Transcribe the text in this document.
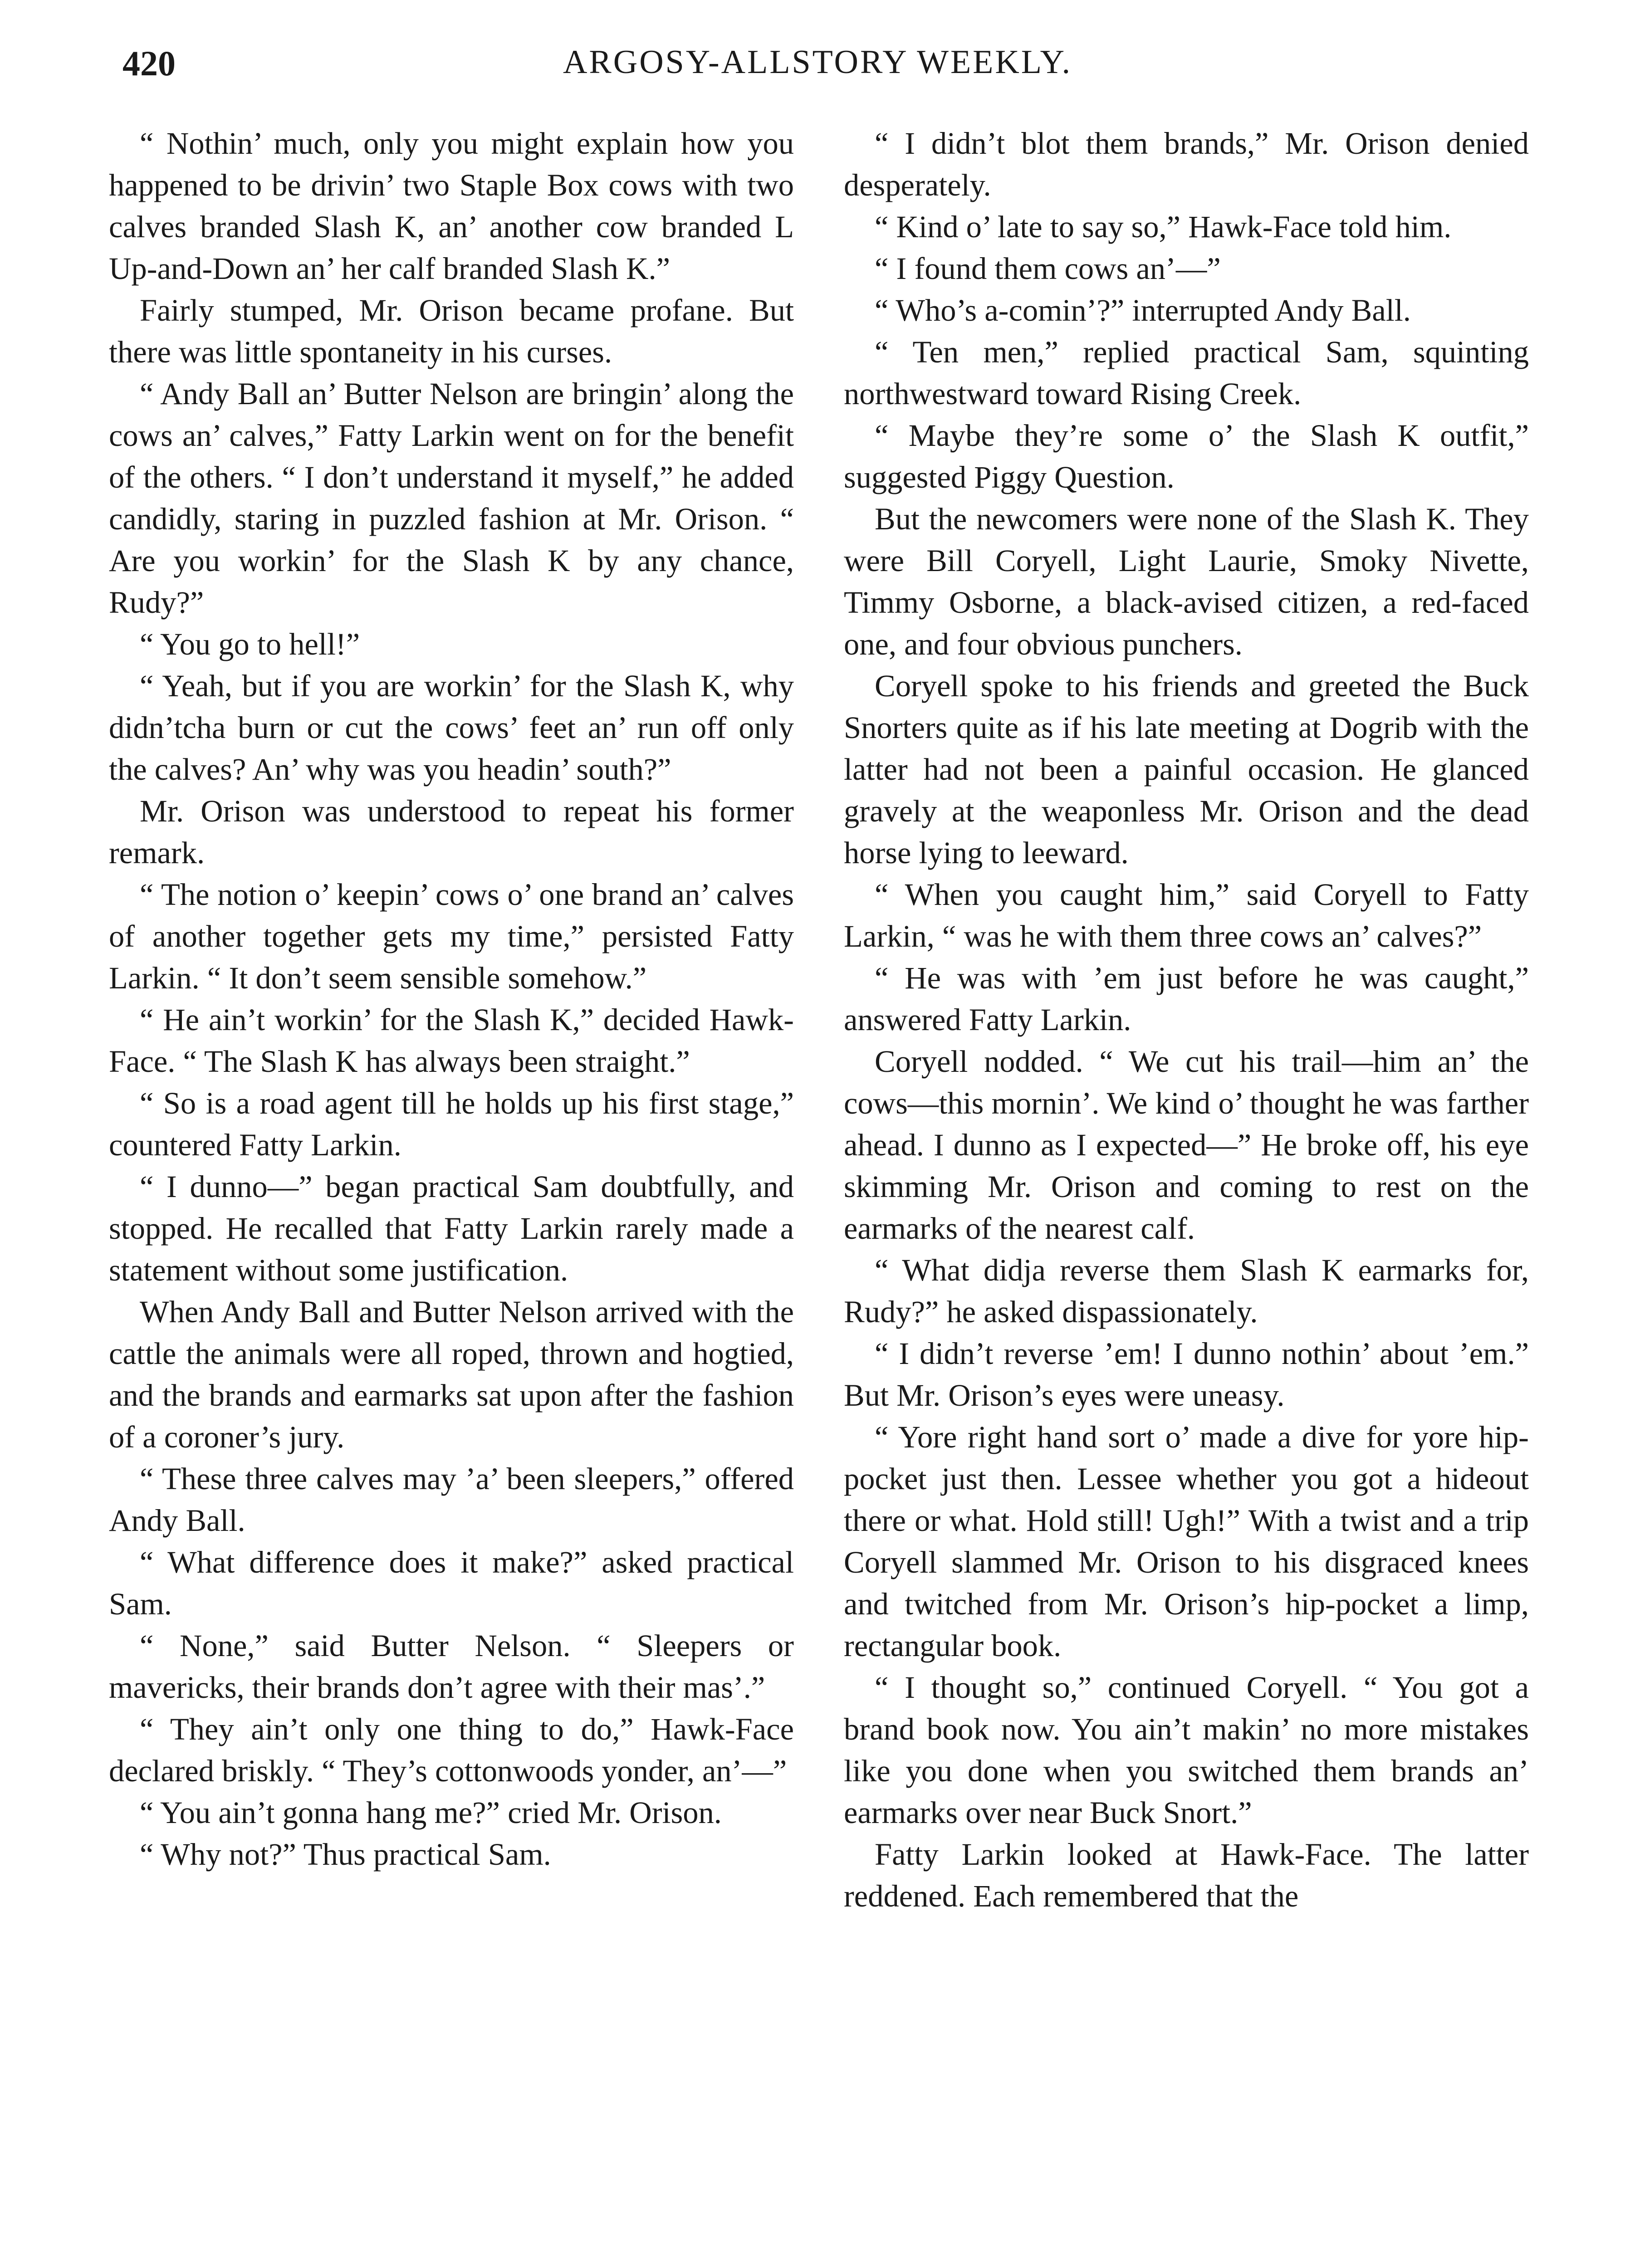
420	ARGOSY-ALLSTORY WEEKLY.

“ Nothin’ much, only you might explain how you happened to be drivin’ two Staple Box cows with two calves branded Slash K, an’ another cow branded L Up-and-Down an’ her calf branded Slash K.”

Fairly stumped, Mr. Orison became profane. But there was little spontaneity in his curses.

“ Andy Ball an’ Butter Nelson are bringin’ along the cows an’ calves,” Fatty Larkin went on for the benefit of the others. “ I don’t understand it myself,” he added candidly, staring in puzzled fashion at Mr. Orison. “ Are you workin’ for the Slash K by any chance, Rudy?”

“ You go to hell!”

“ Yeah, but if you are workin’ for the Slash K, why didn’tcha burn or cut the cows’ feet an’ run off only the calves? An’ why was you headin’ south?”

Mr. Orison was understood to repeat his former remark.

“ The notion o’ keepin’ cows o’ one brand an’ calves of another together gets my time,” persisted Fatty Larkin. “ It don’t seem sensible somehow.”

“ He ain’t workin’ for the Slash K,” decided Hawk-Face. “ The Slash K has always been straight.”

“ So is a road agent till he holds up his first stage,” countered Fatty Larkin.

“ I dunno—” began practical Sam doubtfully, and stopped. He recalled that Fatty Larkin rarely made a statement without some justification.

When Andy Ball and Butter Nelson arrived with the cattle the animals were all roped, thrown and hogtied, and the brands and earmarks sat upon after the fashion of a coroner’s jury.

“ These three calves may ’a’ been sleepers,” offered Andy Ball.

“ What difference does it make?” asked practical Sam.

“ None,” said Butter Nelson. “ Sleepers or mavericks, their brands don’t agree with their mas’.”

“ They ain’t only one thing to do,” Hawk-Face declared briskly. “ They’s cottonwoods yonder, an’—”

“ You ain’t gonna hang me?” cried Mr. Orison.

“ Why not?” Thus practical Sam.

“ I didn’t blot them brands,” Mr. Orison denied desperately.

“ Kind o’ late to say so,” Hawk-Face told him.

“ I found them cows an’—”

“ Who’s a-comin’?” interrupted Andy Ball.

“ Ten men,” replied practical Sam, squinting northwestward toward Rising Creek.

“ Maybe they’re some o’ the Slash K outfit,” suggested Piggy Question.

But the newcomers were none of the Slash K. They were Bill Coryell, Light Laurie, Smoky Nivette, Timmy Osborne, a black-avised citizen, a red-faced one, and four obvious punchers.

Coryell spoke to his friends and greeted the Buck Snorters quite as if his late meeting at Dogrib with the latter had not been a painful occasion. He glanced gravely at the weaponless Mr. Orison and the dead horse lying to leeward.

“ When you caught him,” said Coryell to Fatty Larkin, “ was he with them three cows an’ calves?”

“ He was with ’em just before he was caught,” answered Fatty Larkin.

Coryell nodded. “ We cut his trail—him an’ the cows—this mornin’. We kind o’ thought he was farther ahead. I dunno as I expected—” He broke off, his eye skimming Mr. Orison and coming to rest on the earmarks of the nearest calf.

“ What didja reverse them Slash K earmarks for, Rudy?” he asked dispassionately.

“ I didn’t reverse ’em! I dunno nothin’ about ’em.” But Mr. Orison’s eyes were uneasy.

“ Yore right hand sort o’ made a dive for yore hip-pocket just then. Lessee whether you got a hideout there or what. Hold still! Ugh!” With a twist and a trip Coryell slammed Mr. Orison to his disgraced knees and twitched from Mr. Orison’s hip-pocket a limp, rectangular book.

“ I thought so,” continued Coryell. “ You got a brand book now. You ain’t makin’ no more mistakes like you done when you switched them brands an’ earmarks over near Buck Snort.”

Fatty Larkin looked at Hawk-Face. The latter reddened. Each remembered that the
